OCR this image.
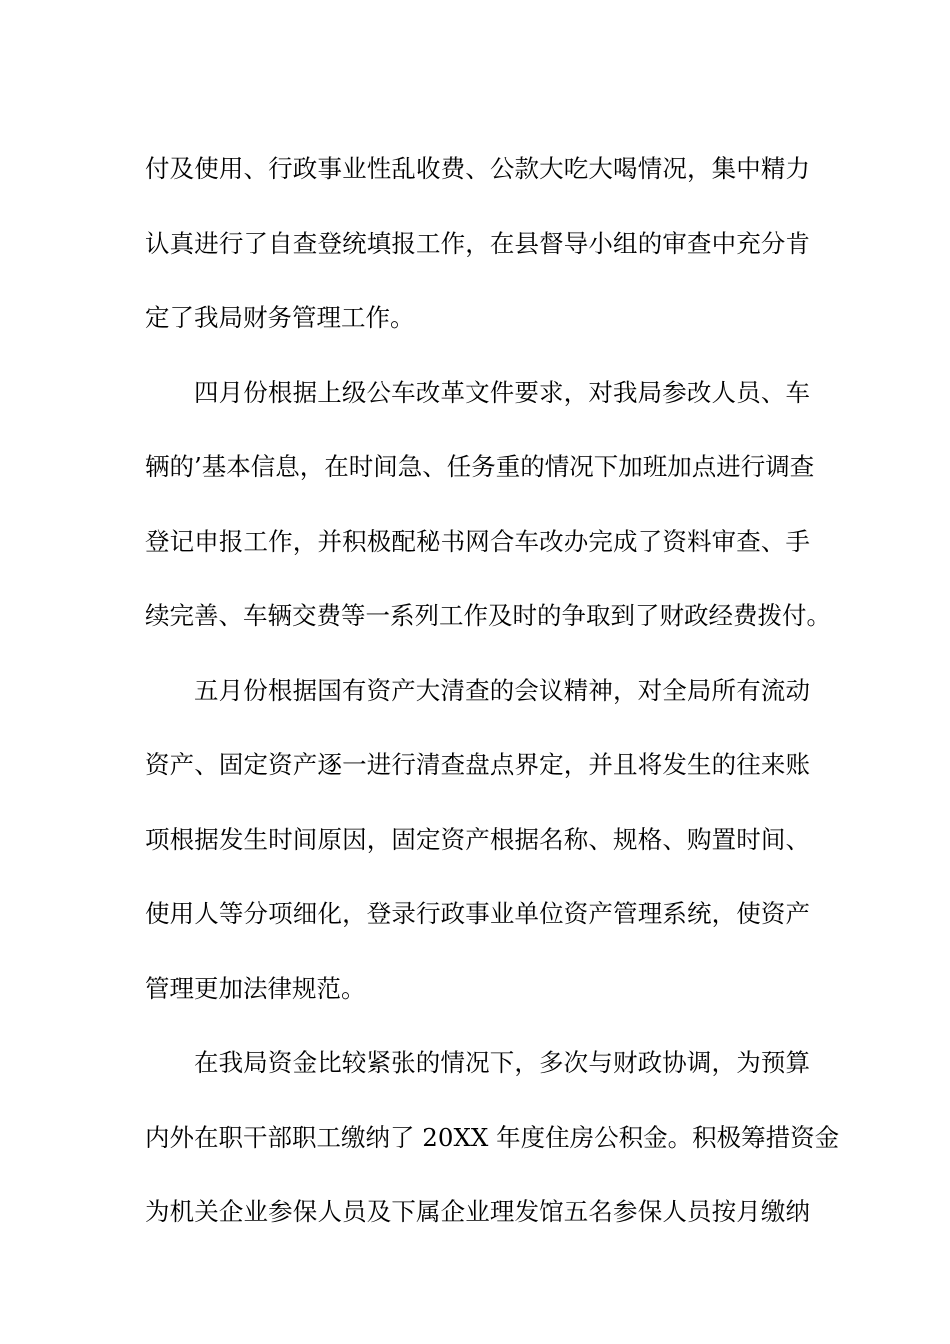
付及使用、行政事业性乱收费、公款大吃大喝情况，集中精力
认真进行了自查登统填报工作，在县督导小组的审查中充分肯
定了我局财务管理工作。
四月份根据上级公车改革文件要求，对我局参改人员、车
辆的’基本信息，在时间急、任务重的情况下加班加点进行调查
登记申报工作，并积极配秘书网合车改办完成了资料审查、手
续完善、车辆交费等一系列工作及时的争取到了财政经费拨付。
五月份根据国有资产大清查的会议精神，对全局所有流动
资产、固定资产逐一进行清查盘点界定，并且将发生的往来账
项根据发生时间原因，固定资产根据名称、规格、购置时间、
使用人等分项细化，登录行政事业单位资产管理系统，使资产
管理更加法律规范。
在我局资金比较紧张的情况下，多次与财政协调，为预算
内外在职干部职工缴纳了 20XX 年度住房公积金。积极筹措资金
为机关企业参保人员及下属企业理发馆五名参保人员按月缴纳
